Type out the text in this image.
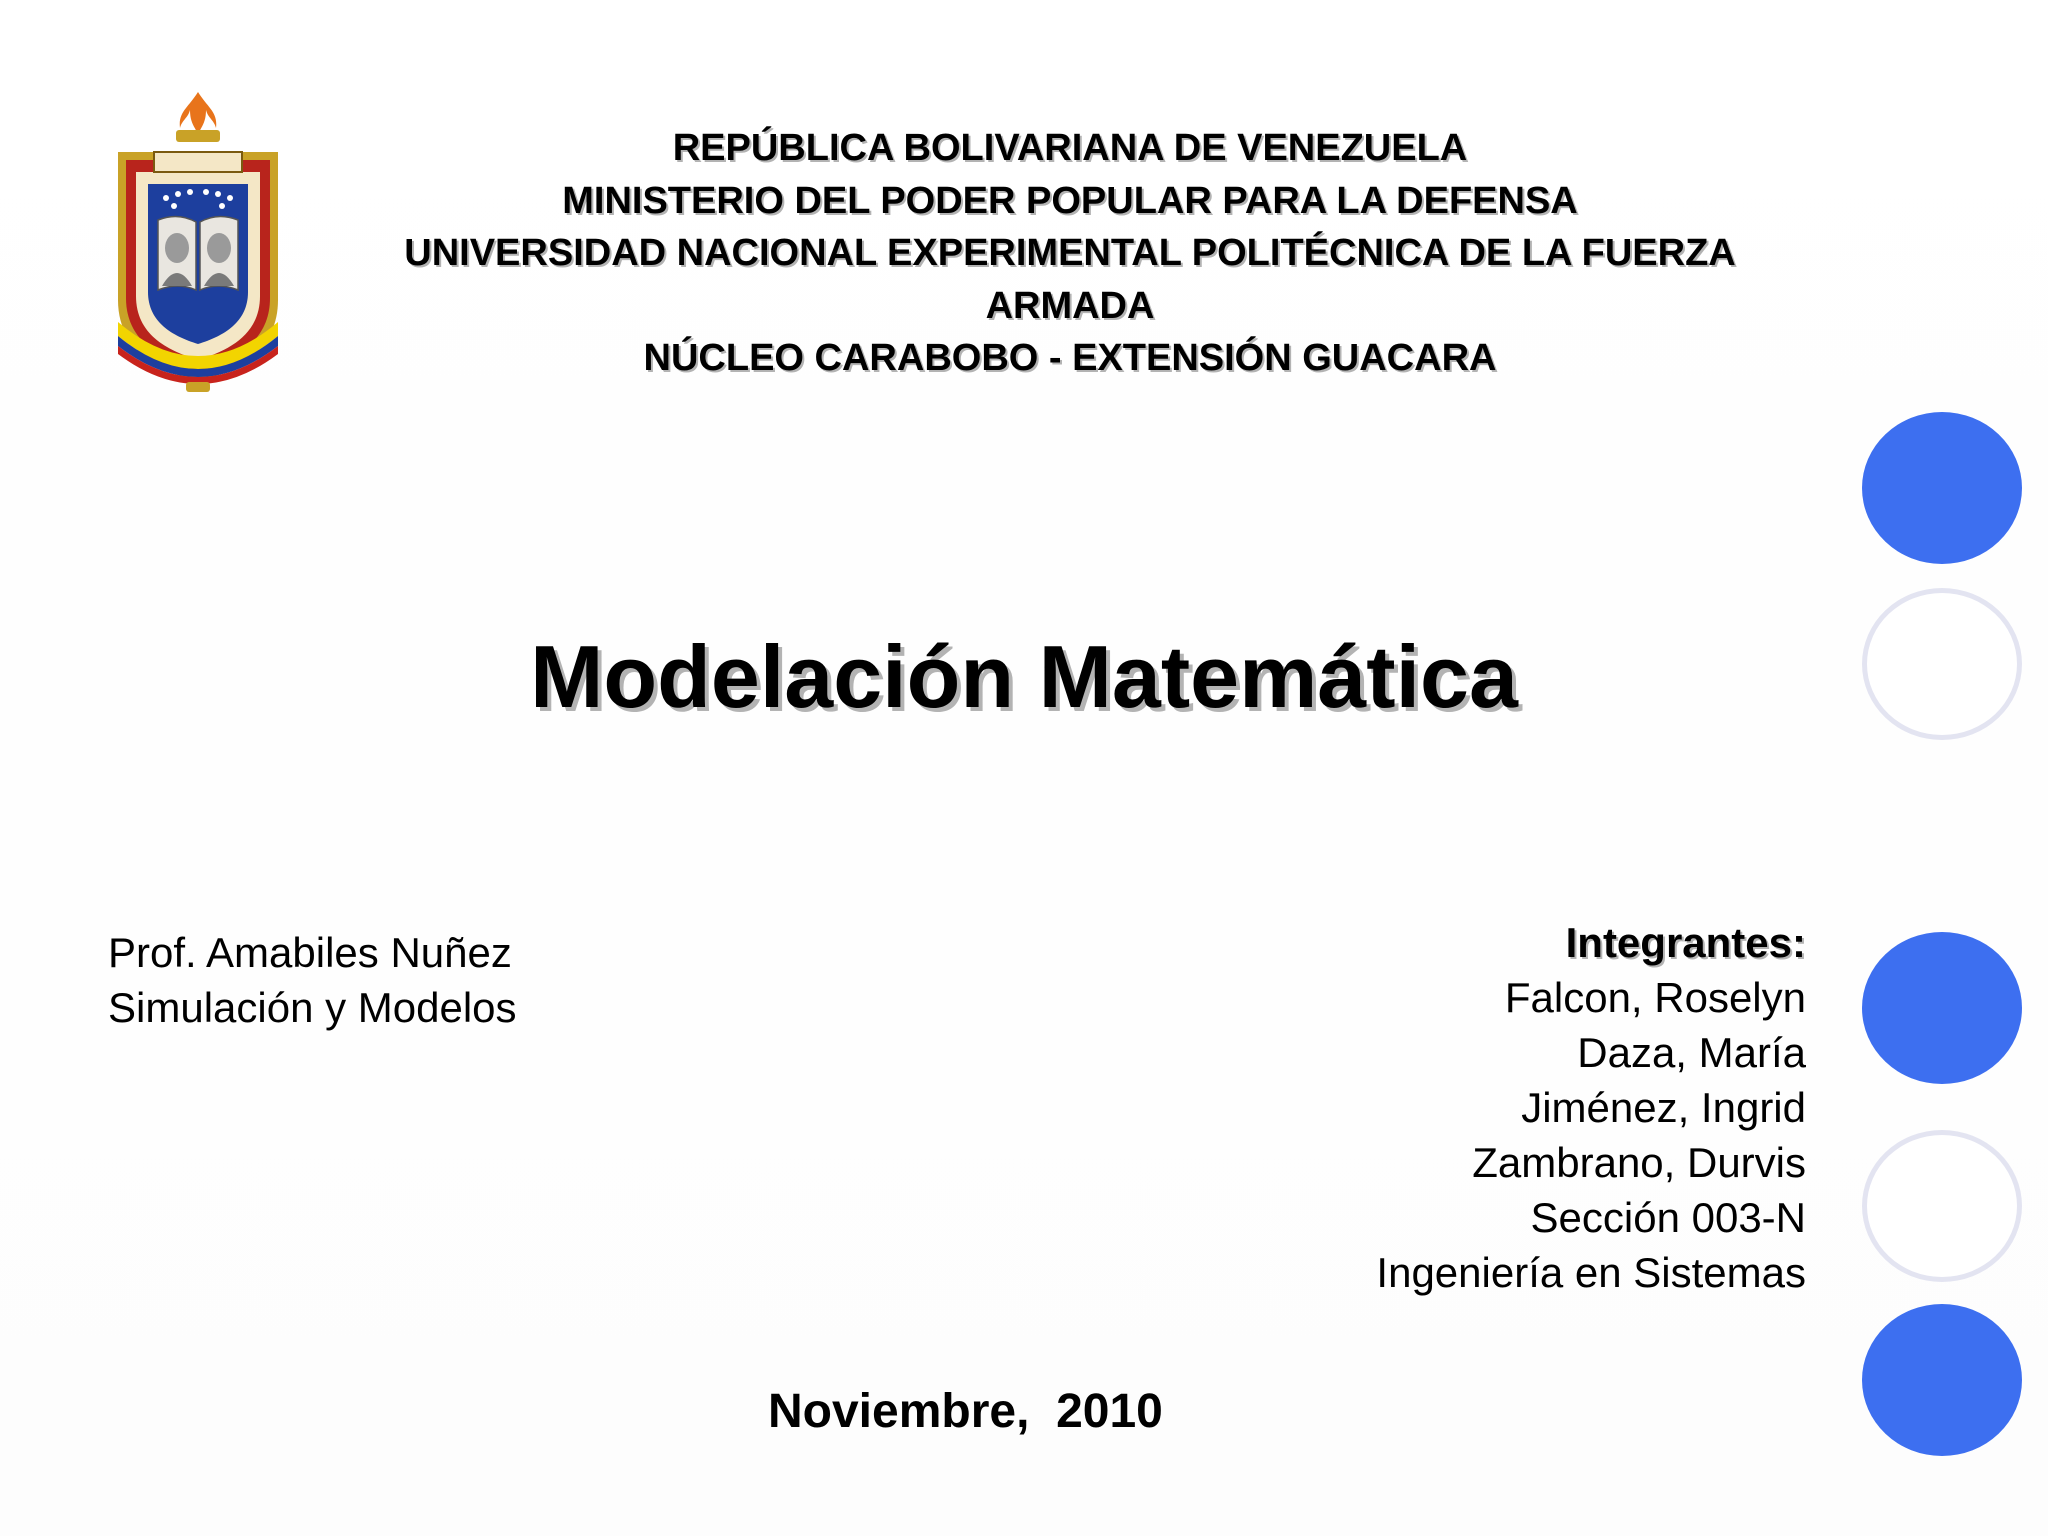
REPÚBLICA BOLIVARIANA DE VENEZUELA
MINISTERIO DEL PODER POPULAR PARA LA DEFENSA
UNIVERSIDAD NACIONAL EXPERIMENTAL POLITÉCNICA DE LA FUERZA
ARMADA
NÚCLEO CARABOBO - EXTENSIÓN GUACARA
Modelación Matemática
Prof. Amabiles Nuñez
Simulación y Modelos
Integrantes:
Falcon, Roselyn
Daza, María
Jiménez, Ingrid
Zambrano, Durvis
Sección 003-N
Ingeniería en Sistemas
Noviembre,  2010
